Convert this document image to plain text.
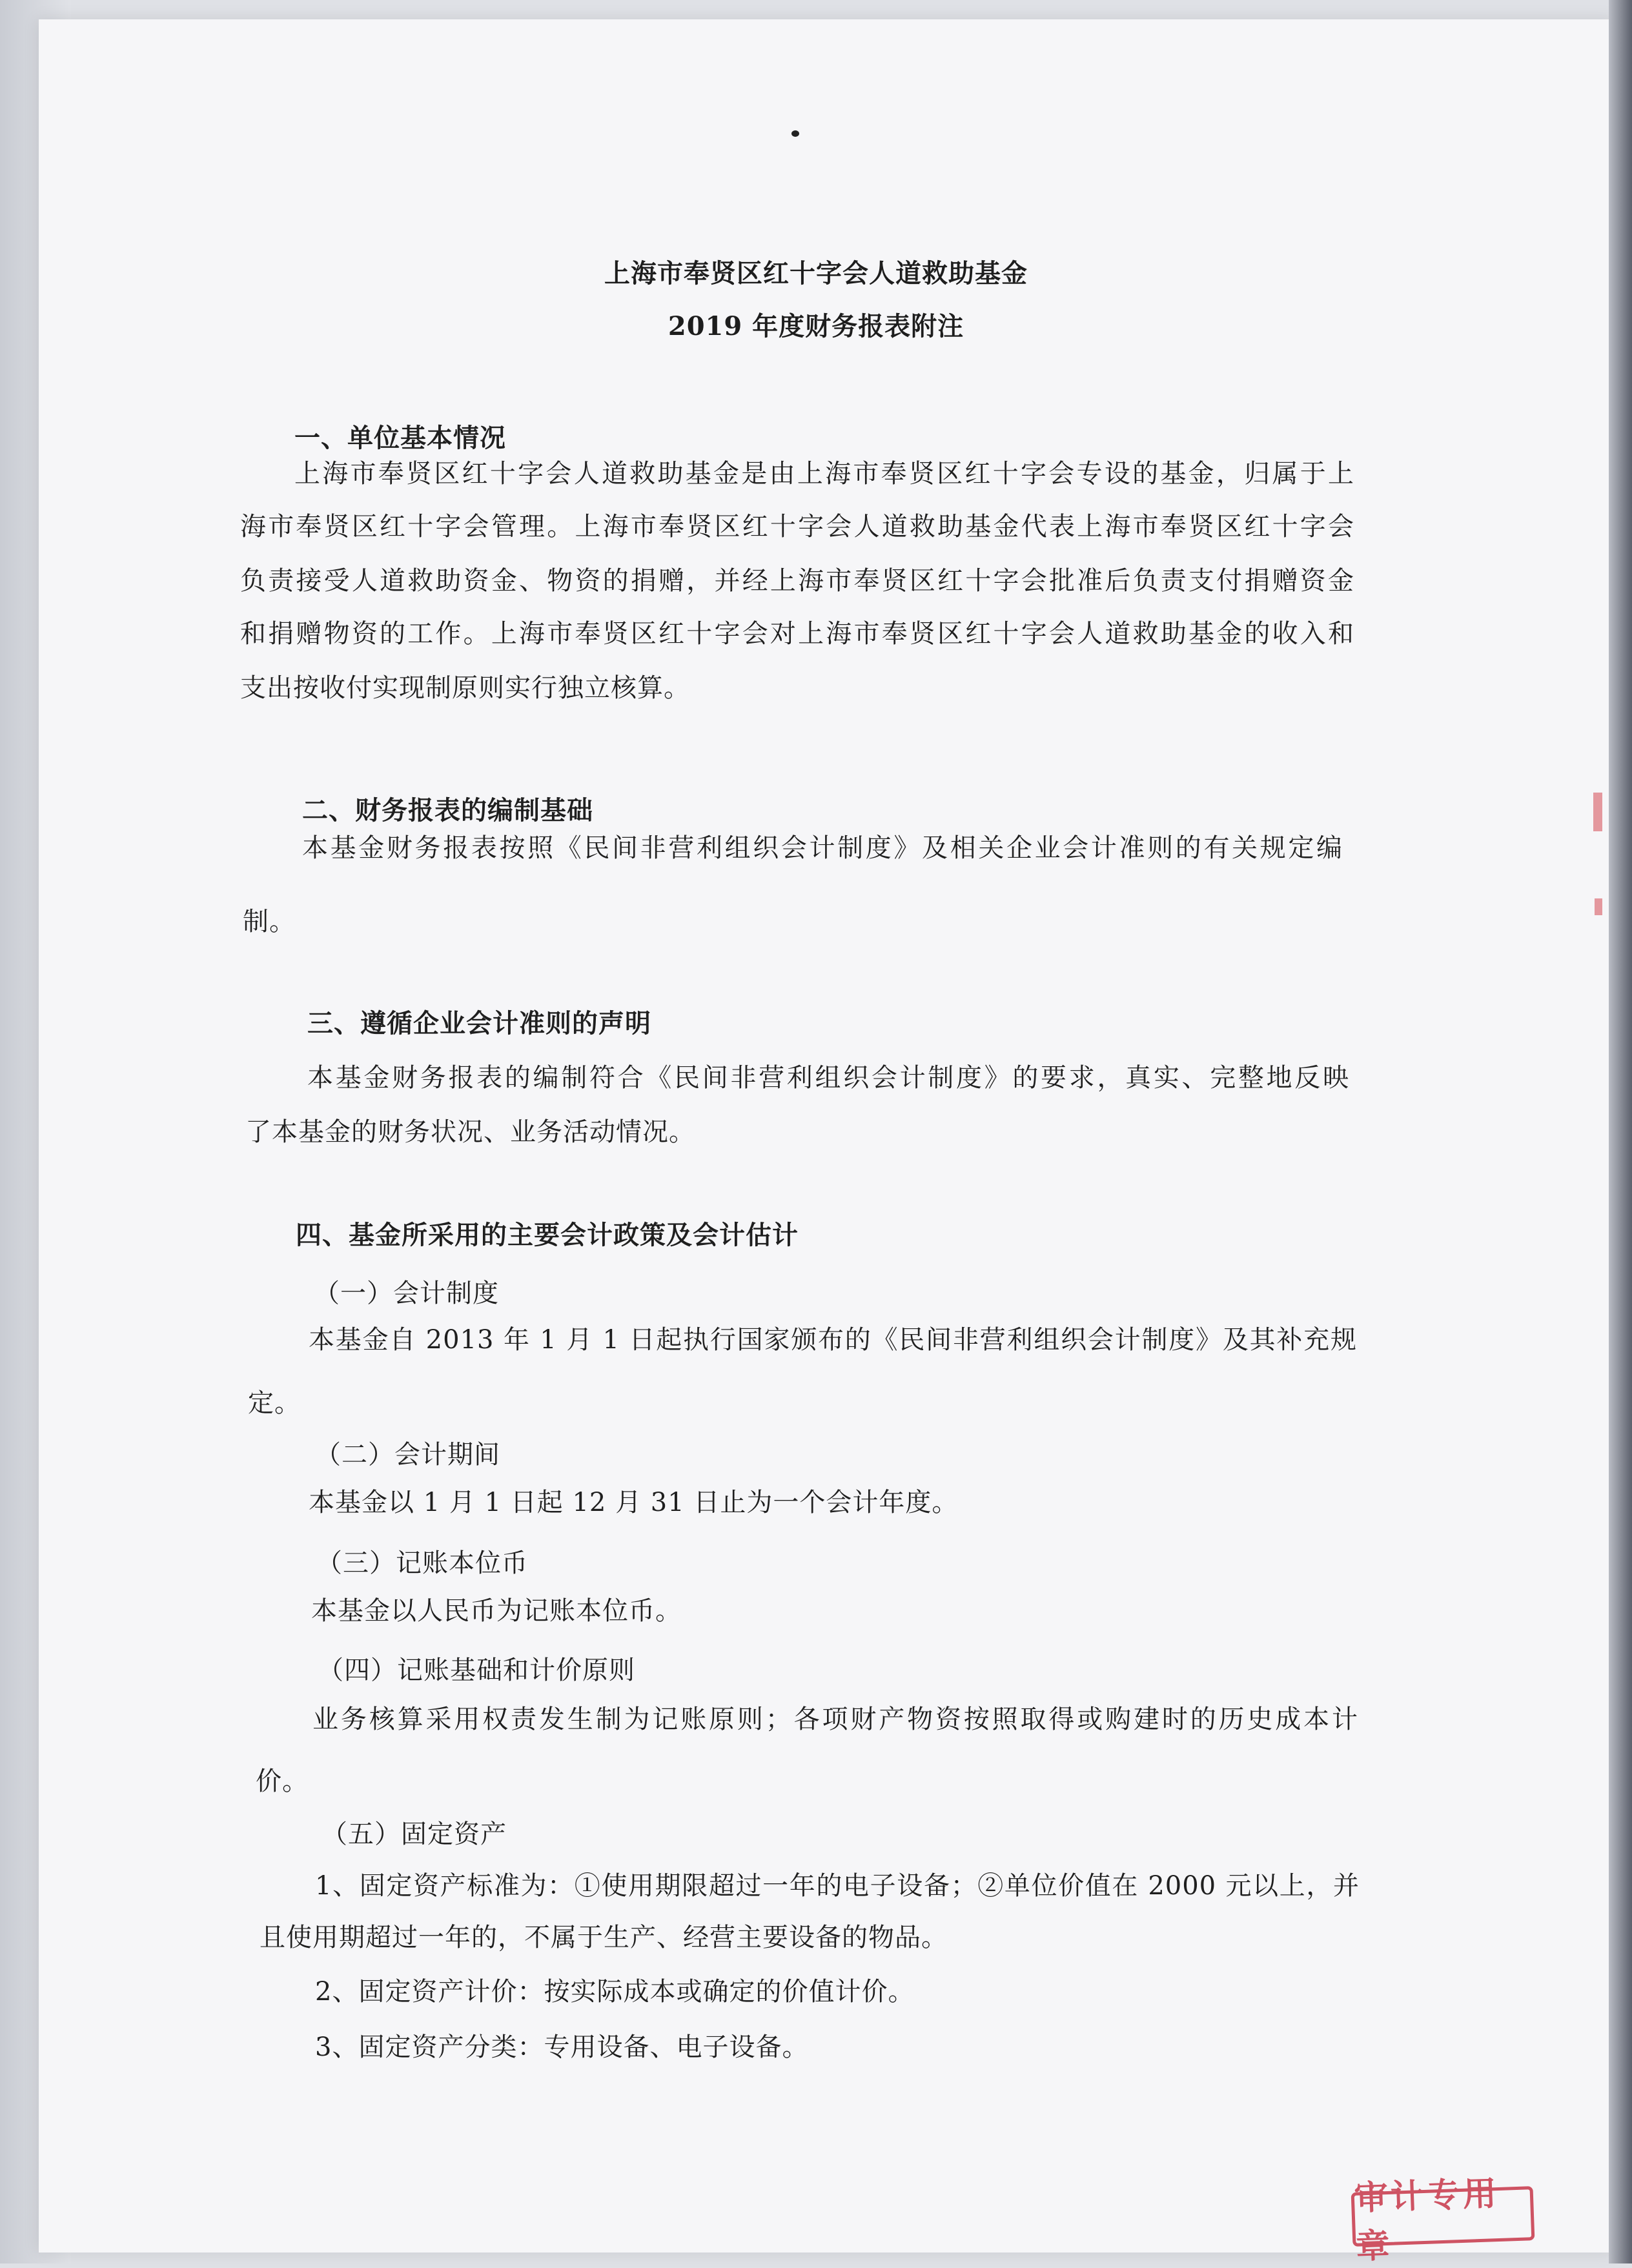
上海市奉贤区红十字会人道救助基金
2019 年度财务报表附注
一、单位基本情况
上海市奉贤区红十字会人道救助基金是由上海市奉贤区红十字会专设的基金，归属于上
海市奉贤区红十字会管理。上海市奉贤区红十字会人道救助基金代表上海市奉贤区红十字会
负责接受人道救助资金、物资的捐赠，并经上海市奉贤区红十字会批准后负责支付捐赠资金
和捐赠物资的工作。上海市奉贤区红十字会对上海市奉贤区红十字会人道救助基金的收入和
支出按收付实现制原则实行独立核算。
二、财务报表的编制基础
本基金财务报表按照《民间非营利组织会计制度》及相关企业会计准则的有关规定编
制。
三、遵循企业会计准则的声明
本基金财务报表的编制符合《民间非营利组织会计制度》的要求，真实、完整地反映
了本基金的财务状况、业务活动情况。
四、基金所采用的主要会计政策及会计估计
（一）会计制度
本基金自 2013 年 1 月 1 日起执行国家颁布的《民间非营利组织会计制度》及其补充规
定。
（二）会计期间
本基金以 1 月 1 日起 12 月 31 日止为一个会计年度。
（三）记账本位币
本基金以人民币为记账本位币。
（四）记账基础和计价原则
业务核算采用权责发生制为记账原则；各项财产物资按照取得或购建时的历史成本计
价。
（五）固定资产
1、固定资产标准为：①使用期限超过一年的电子设备；②单位价值在 2000 元以上，并
且使用期超过一年的，不属于生产、经营主要设备的物品。
2、固定资产计价：按实际成本或确定的价值计价。
3、固定资产分类：专用设备、电子设备。
审计专用章
